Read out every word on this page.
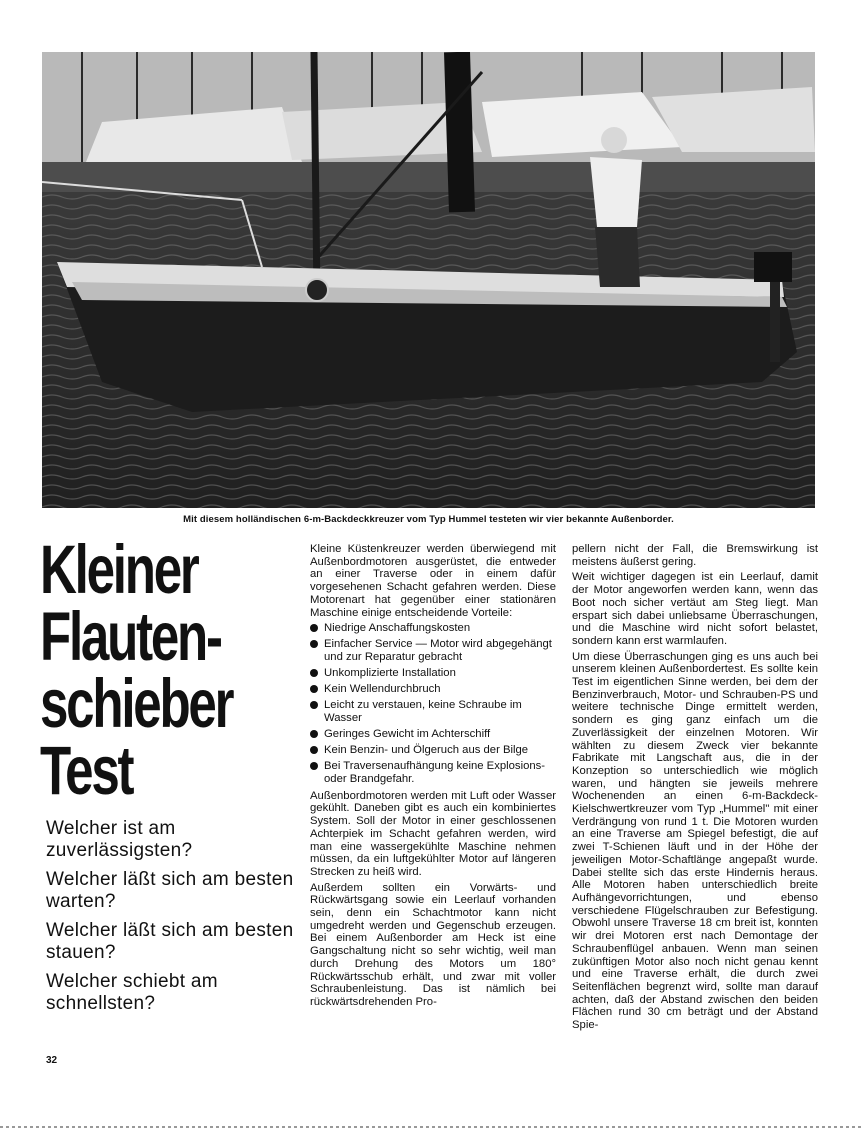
Mit diesem holländischen 6-m-Backdeckkreuzer vom Typ Hummel testeten wir vier bekannte Außenborder.
Kleiner
Flauten-
schieber
Test

Welcher ist am zuverlässigsten?

Welcher läßt sich am besten warten?

Welcher läßt sich am besten stauen?

Welcher schiebt am schnellsten?

32

Kleine Küstenkreuzer werden überwiegend mit Außenbordmotoren ausgerüstet, die entweder an einer Traverse oder in einem dafür vorgesehenen Schacht gefahren werden. Diese Motorenart hat gegenüber einer stationären Maschine einige entscheidende Vorteile:

Niedrige Anschaffungskosten
Einfacher Service — Motor wird abgegehängt und zur Reparatur gebracht
Unkomplizierte Installation
Kein Wellendurchbruch
Leicht zu verstauen, keine Schraube im Wasser
Geringes Gewicht im Achterschiff
Kein Benzin- und Ölgeruch aus der Bilge
Bei Traversenaufhängung keine Explosions- oder Brandgefahr.

Außenbordmotoren werden mit Luft oder Wasser gekühlt. Daneben gibt es auch ein kombiniertes System. Soll der Motor in einer geschlossenen Achterpiek im Schacht gefahren werden, wird man eine wassergekühlte Maschine nehmen müssen, da ein luftgekühlter Motor auf längeren Strecken zu heiß wird.

Außerdem sollten ein Vorwärts- und Rückwärtsgang sowie ein Leerlauf vorhanden sein, denn ein Schachtmotor kann nicht umgedreht werden und Gegenschub erzeugen. Bei einem Außenborder am Heck ist eine Gangschaltung nicht so sehr wichtig, weil man durch Drehung des Motors um 180° Rückwärtsschub erhält, und zwar mit voller Schraubenleistung. Das ist nämlich bei rückwärtsdrehenden Pro-

pellern nicht der Fall, die Bremswirkung ist meistens äußerst gering.

Weit wichtiger dagegen ist ein Leerlauf, damit der Motor angeworfen werden kann, wenn das Boot noch sicher vertäut am Steg liegt. Man erspart sich dabei unliebsame Überraschungen, und die Maschine wird nicht sofort belastet, sondern kann erst warmlaufen.

Um diese Überraschungen ging es uns auch bei unserem kleinen Außenbordertest. Es sollte kein Test im eigentlichen Sinne werden, bei dem der Benzinverbrauch, Motor- und Schrauben-PS und weitere technische Dinge ermittelt werden, sondern es ging ganz einfach um die Zuverlässigkeit der einzelnen Motoren. Wir wählten zu diesem Zweck vier bekannte Fabrikate mit Langschaft aus, die in der Konzeption so unterschiedlich wie möglich waren, und hängten sie jeweils mehrere Wochenenden an einen 6-m-Backdeck-Kielschwertkreuzer vom Typ „Hummel" mit einer Verdrängung von rund 1 t. Die Motoren wurden an eine Traverse am Spiegel befestigt, die auf zwei T-Schienen läuft und in der Höhe der jeweiligen Motor-Schaftlänge angepaßt wurde. Dabei stellte sich das erste Hindernis heraus. Alle Motoren haben unterschiedlich breite Aufhängevorrichtungen, und ebenso verschiedene Flügelschrauben zur Befestigung. Obwohl unsere Traverse 18 cm breit ist, konnten wir drei Motoren erst nach Demontage der Schraubenflügel anbauen. Wenn man seinen zukünftigen Motor also noch nicht genau kennt und eine Traverse erhält, die durch zwei Seitenflächen begrenzt wird, sollte man darauf achten, daß der Abstand zwischen den beiden Flächen rund 30 cm beträgt und der Abstand Spie-
